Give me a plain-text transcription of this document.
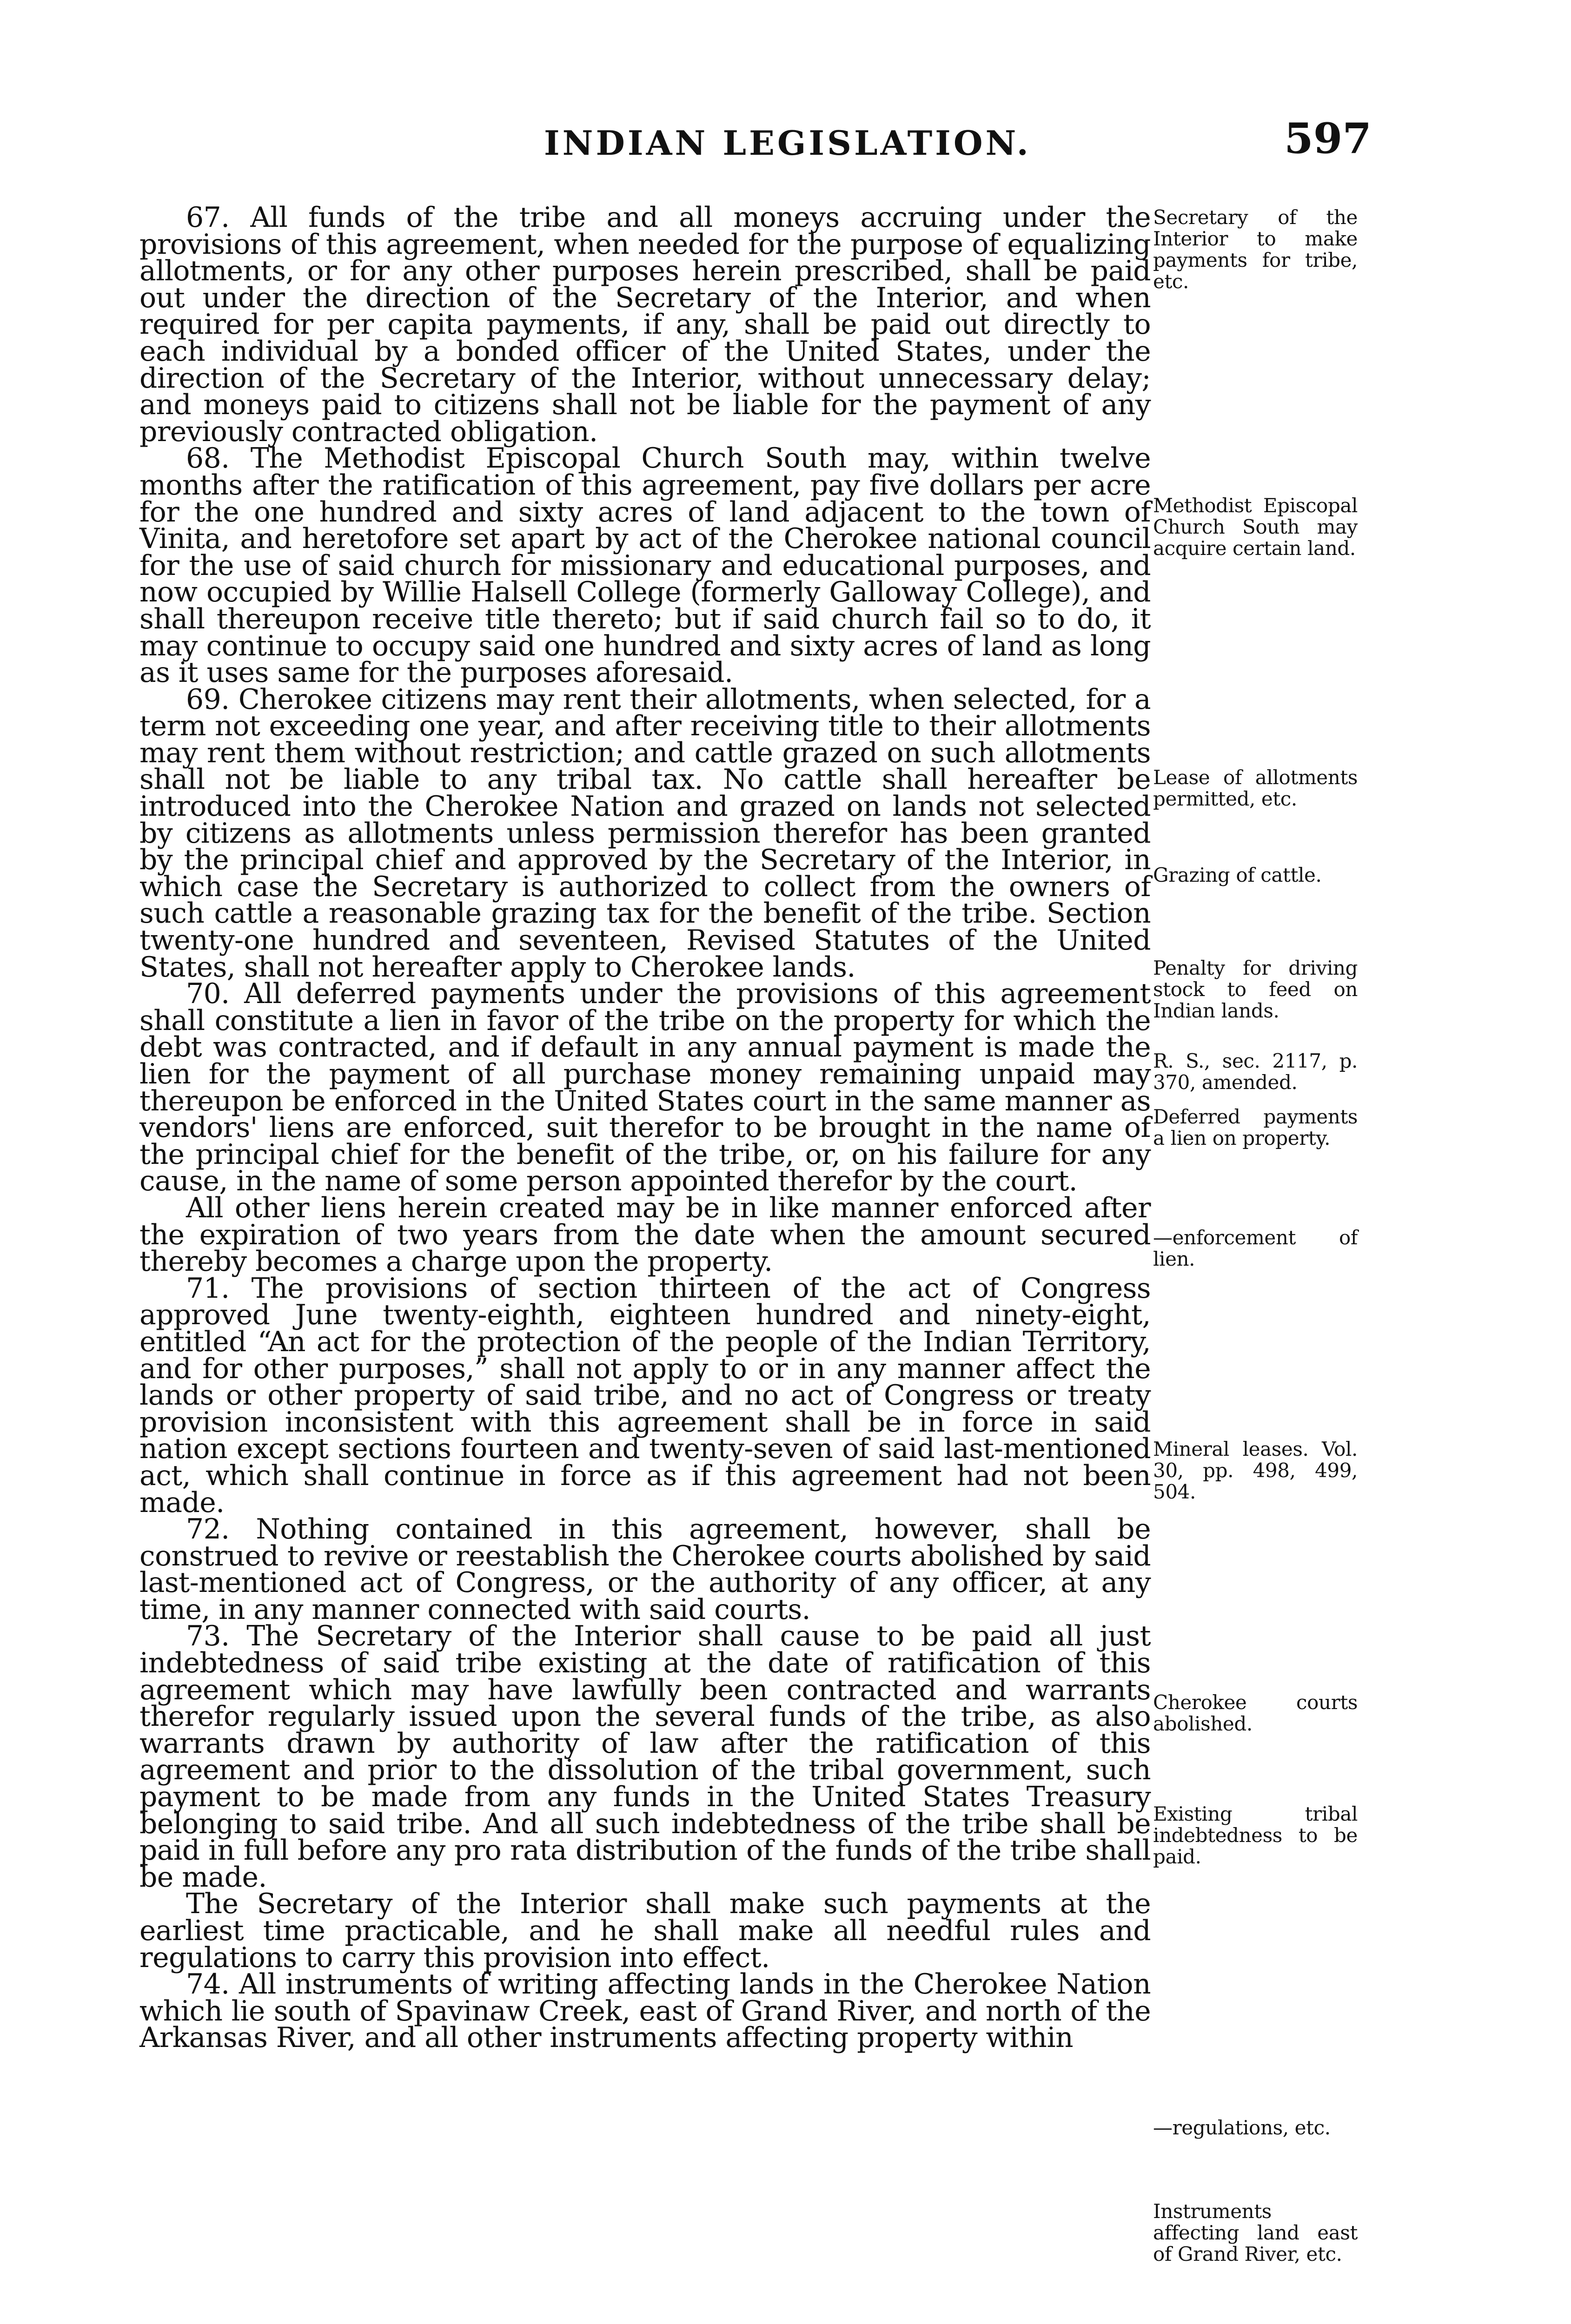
INDIAN LEGISLATION.	597

67. All funds of the tribe and all moneys accruing under the provisions of this agreement, when needed for the purpose of equalizing allotments, or for any other purposes herein prescribed, shall be paid out under the direction of the Secretary of the Interior, and when required for per capita payments, if any, shall be paid out directly to each individual by a bonded officer of the United States, under the direction of the Secretary of the Interior, without unnecessary delay; and moneys paid to citizens shall not be liable for the payment of any previously contracted obligation.

68. The Methodist Episcopal Church South may, within twelve months after the ratification of this agreement, pay five dollars per acre for the one hundred and sixty acres of land adjacent to the town of Vinita, and heretofore set apart by act of the Cherokee national council for the use of said church for missionary and educational purposes, and now occupied by Willie Halsell College (formerly Galloway College), and shall thereupon receive title thereto; but if said church fail so to do, it may continue to occupy said one hundred and sixty acres of land as long as it uses same for the purposes aforesaid.

69. Cherokee citizens may rent their allotments, when selected, for a term not exceeding one year, and after receiving title to their allotments may rent them without restriction; and cattle grazed on such allotments shall not be liable to any tribal tax. No cattle shall hereafter be introduced into the Cherokee Nation and grazed on lands not selected by citizens as allotments unless permission therefor has been granted by the principal chief and approved by the Secretary of the Interior, in which case the Secretary is authorized to collect from the owners of such cattle a reasonable grazing tax for the benefit of the tribe. Section twenty-one hundred and seventeen, Revised Statutes of the United States, shall not hereafter apply to Cherokee lands.

70. All deferred payments under the provisions of this agreement shall constitute a lien in favor of the tribe on the property for which the debt was contracted, and if default in any annual payment is made the lien for the payment of all purchase money remaining unpaid may thereupon be enforced in the United States court in the same manner as vendors' liens are enforced, suit therefor to be brought in the name of the principal chief for the benefit of the tribe, or, on his failure for any cause, in the name of some person appointed therefor by the court.

All other liens herein created may be in like manner enforced after the expiration of two years from the date when the amount secured thereby becomes a charge upon the property.

71. The provisions of section thirteen of the act of Congress approved June twenty-eighth, eighteen hundred and ninety-eight, entitled “An act for the protection of the people of the Indian Territory, and for other purposes,” shall not apply to or in any manner affect the lands or other property of said tribe, and no act of Congress or treaty provision inconsistent with this agreement shall be in force in said nation except sections fourteen and twenty-seven of said last-mentioned act, which shall continue in force as if this agreement had not been made.

72. Nothing contained in this agreement, however, shall be construed to revive or reestablish the Cherokee courts abolished by said last-mentioned act of Congress, or the authority of any officer, at any time, in any manner connected with said courts.

73. The Secretary of the Interior shall cause to be paid all just indebtedness of said tribe existing at the date of ratification of this agreement which may have lawfully been contracted and warrants therefor regularly issued upon the several funds of the tribe, as also warrants drawn by authority of law after the ratification of this agreement and prior to the dissolution of the tribal government, such payment to be made from any funds in the United States Treasury belonging to said tribe. And all such indebtedness of the tribe shall be paid in full before any pro rata distribution of the funds of the tribe shall be made.

The Secretary of the Interior shall make such payments at the earliest time practicable, and he shall make all needful rules and regulations to carry this provision into effect.

74. All instruments of writing affecting lands in the Cherokee Nation which lie south of Spavinaw Creek, east of Grand River, and north of the Arkansas River, and all other instruments affecting property within

Secretary of the Interior to make payments for tribe, etc.
Methodist Episcopal Church South may acquire certain land.
Lease of allotments permitted, etc.
Grazing of cattle.
Penalty for driving stock to feed on Indian lands.
R. S., sec. 2117, p. 370, amended.
Deferred payments a lien on property.
—enforcement of lien.
Mineral leases. Vol. 30, pp. 498, 499, 504.
Cherokee courts abolished.
Existing tribal indebtedness to be paid.
—regulations, etc.
Instruments affecting land east of Grand River, etc.
